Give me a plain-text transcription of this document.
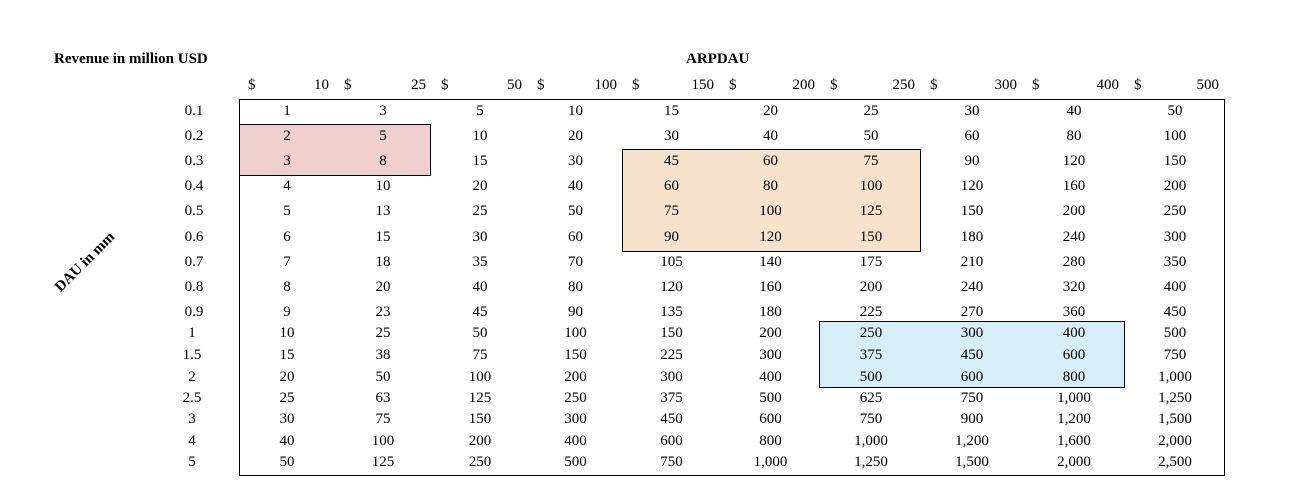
Revenue in million USD	ARPDAU
DAU in mm
$	10 $	25 $	50 $	100 $	150 $	200 $	250 $	300 $	400 $	500
0.1	1	3	5	10	15	20	25	30	40	50
0.2	2	5	10	20	30	40	50	60	80	100
0.3	3	8	15	30	45	60	75	90	120	150
0.4	4	10	20	40	60	80	100	120	160	200
0.5	5	13	25	50	75	100	125	150	200	250
0.6	6	15	30	60	90	120	150	180	240	300
0.7	7	18	35	70	105	140	175	210	280	350
0.8	8	20	40	80	120	160	200	240	320	400
0.9	9	23	45	90	135	180	225	270	360	450
1	10	25	50	100	150	200	250	300	400	500
1.5	15	38	75	150	225	300	375	450	600	750
2	20	50	100	200	300	400	500	600	800	1,000
2.5	25	63	125	250	375	500	625	750	1,000	1,250
3	30	75	150	300	450	600	750	900	1,200	1,500
4	40	100	200	400	600	800	1,000	1,200	1,600	2,000
5	50	125	250	500	750	1,000	1,250	1,500	2,000	2,500
